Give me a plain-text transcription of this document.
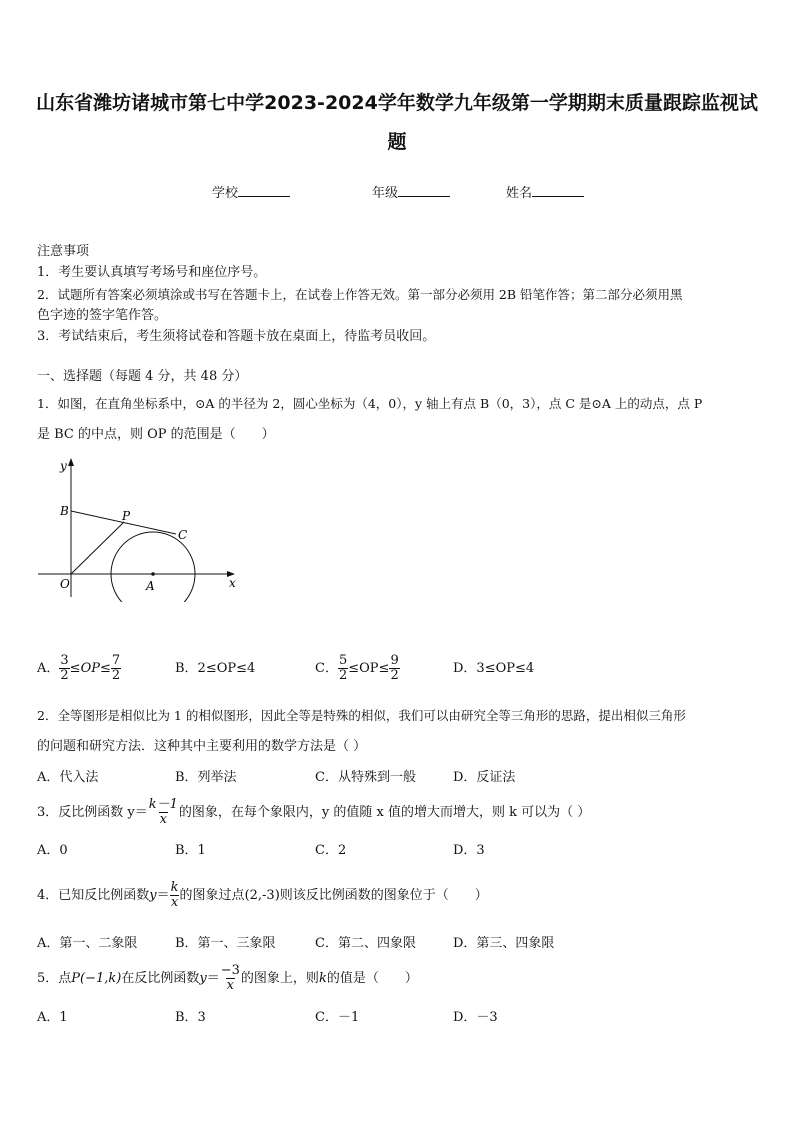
山东省潍坊诸城市第七中学2023-2024学年数学九年级第一学期期末质量跟踪监视试
题
学校	年级	姓名
注意事项
1．考生要认真填写考场号和座位序号。
2．试题所有答案必须填涂或书写在答题卡上，在试卷上作答无效。第一部分必须用 2B 铅笔作答；第二部分必须用黑
色字迹的签字笔作答。
3．考试结束后，考生须将试卷和答题卡放在桌面上，待监考员收回。
一、选择题（每题 4 分，共 48 分）
1．如图，在直角坐标系中，⊙A 的半径为 2，圆心坐标为（4，0），y 轴上有点 B（0，3），点 C 是⊙A 上的动点，点 P
是 BC 的中点，则 OP 的范围是（　　）
y
x
B	P
C
O	A
A． $\frac{3}{2} \le OP\le \frac{7}{2}$	B．2≤OP≤4	C． $\frac{5}{2} \le OP\le \frac{9}{2}$	D．3≤OP≤4
2．全等图形是相似比为 1 的相似图形，因此全等是特殊的相似，我们可以由研究全等三角形的思路，提出相似三角形
的问题和研究方法．这种其中主要利用的数学方法是（ ）
A．代入法	B．列举法	C．从特殊到一般	D．反证法
3．反比例函数 $y= \frac{k-1}{x}$ 的图象，在每个象限内，y 的值随 x 值的增大而增大，则 k 可以为（ ）
A．0	B．1	C．2	D．3
4．已知反比例函数$y= \frac{k}{x}$ 的图象过点(2,-3)则该反比例函数的图象位于（　　）
A．第一、二象限	B．第一、三象限	C．第二、四象限	D．第三、四象限
5．点P(−1,k)在反比例函数$y= \frac{-3}{x}$ 的图象上，则k的值是（　　）
A．1	B．3	C．－1	D．－3
